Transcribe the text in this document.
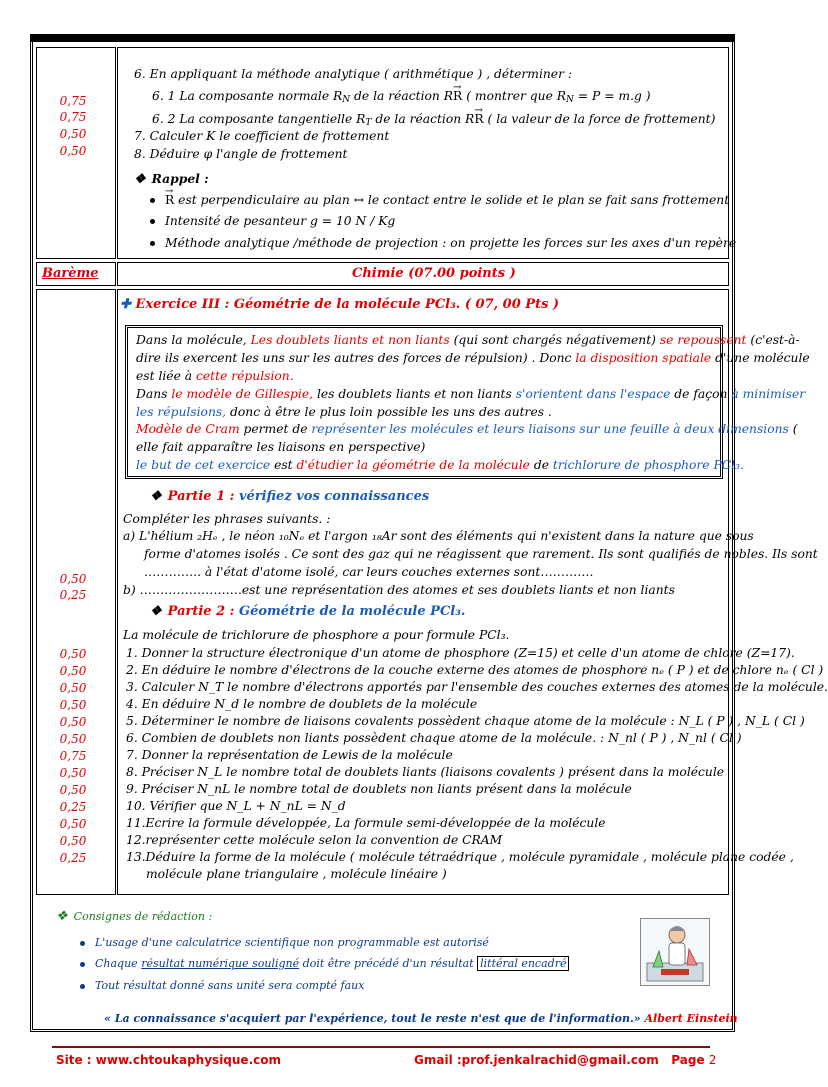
0,75
0,75
0,50
0,50
6. En appliquant la méthode analytique ( arithmétique ) , déterminer :
6. 1 La composante normale $R_N$ de la réaction R→ R ( montrer que $R_N = P = m.g$ )
6. 2 La composante tangentielle $R_T$ de la réaction R→ R ( la valeur de la force de frottement)
7. Calculer K le coefficient de frottement
8. Déduire φ l'angle de frottement
❖ Rappel :
→ R est perpendiculaire au plan ↔ le contact entre le solide et le plan se fait sans frottement
Intensité de pesanteur g = 10 N / Kg
Méthode analytique /méthode de projection : on projette les forces sur les axes d'un repère
Barème	Chimie (07.00 points )
✚ Exercice III : Géométrie de la molécule PCl₃. ( 07, 00 Pts )
Dans la molécule, Les doublets liants et non liants (qui sont chargés négativement) se repoussent (c'est-à-
dire ils exercent les uns sur les autres des forces de répulsion) . Donc la disposition spatiale d'une molécule
est liée à cette répulsion.
Dans le modèle de Gillespie, les doublets liants et non liants s'orientent dans l'espace de façon à minimiser
les répulsions, donc à être le plus loin possible les uns des autres .
Modèle de Cram permet de représenter les molécules et leurs liaisons sur une feuille à deux dimensions (
elle fait apparaître les liaisons en perspective)
le but de cet exercice est d'étudier la géométrie de la molécule de trichlorure de phosphore PCl₃.
❖ Partie 1 : vérifiez vos connaissances
Compléter les phrases suivants. :
a) L'hélium ₂Hₑ , le néon ₁₀Nₑ et l'argon ₁₈Ar sont des éléments qui n'existent dans la nature que sous
forme d'atomes isolés . Ce sont des gaz qui ne réagissent que rarement. Ils sont qualifiés de nobles. Ils sont
………….. à l'état d'atome isolé, car leurs couches externes sont………….
b) …………………….est une représentation des atomes et ses doublets liants et non liants
0,50
0,25
❖ Partie 2 : Géométrie de la molécule PCl₃.
La molécule de trichlorure de phosphore a pour formule PCl₃.
1. Donner la structure électronique d'un atome de phosphore (Z=15) et celle d'un atome de chlore (Z=17).
2. En déduire le nombre d'électrons de la couche externe des atomes de phosphore nₑ ( P ) et de chlore nₑ ( Cl )
3. Calculer N_T le nombre d'électrons apportés par l'ensemble des couches externes des atomes de la molécule.
4. En déduire N_d le nombre de doublets de la molécule
5. Déterminer le nombre de liaisons covalents possèdent chaque atome de la molécule : N_L ( P ) , N_L ( Cl )
6. Combien de doublets non liants possèdent chaque atome de la molécule. : N_nl ( P ) , N_nl ( Cl )
7. Donner la représentation de Lewis de la molécule
8. Préciser N_L le nombre total de doublets liants (liaisons covalents ) présent dans la molécule
9. Préciser N_nL le nombre total de doublets non liants présent dans la molécule
10. Vérifier que N_L + N_nL = N_d
11.Ecrire la formule développée, La formule semi-développée de la molécule
12.représenter cette molécule selon la convention de CRAM
13.Déduire la forme de la molécule ( molécule tétraédrique , molécule pyramidale , molécule plane codée ,
molécule plane triangulaire , molécule linéaire )
0,50
0,50
0,50
0,50
0,50
0,50
0,75
0,50
0,50
0,25
0,50
0,50
0,25
❖ Consignes de rédaction :
L'usage d'une calculatrice scientifique non programmable est autorisé
Chaque résultat numérique souligné doit être précédé d'un résultat littéral encadré
Tout résultat donné sans unité sera compté faux
« La connaissance s'acquiert par l'expérience, tout le reste n'est que de l'information.» Albert Einstein
Site : www.chtoukaphysique.com	Gmail :prof.jenkalrachid@gmail.com Page 2
